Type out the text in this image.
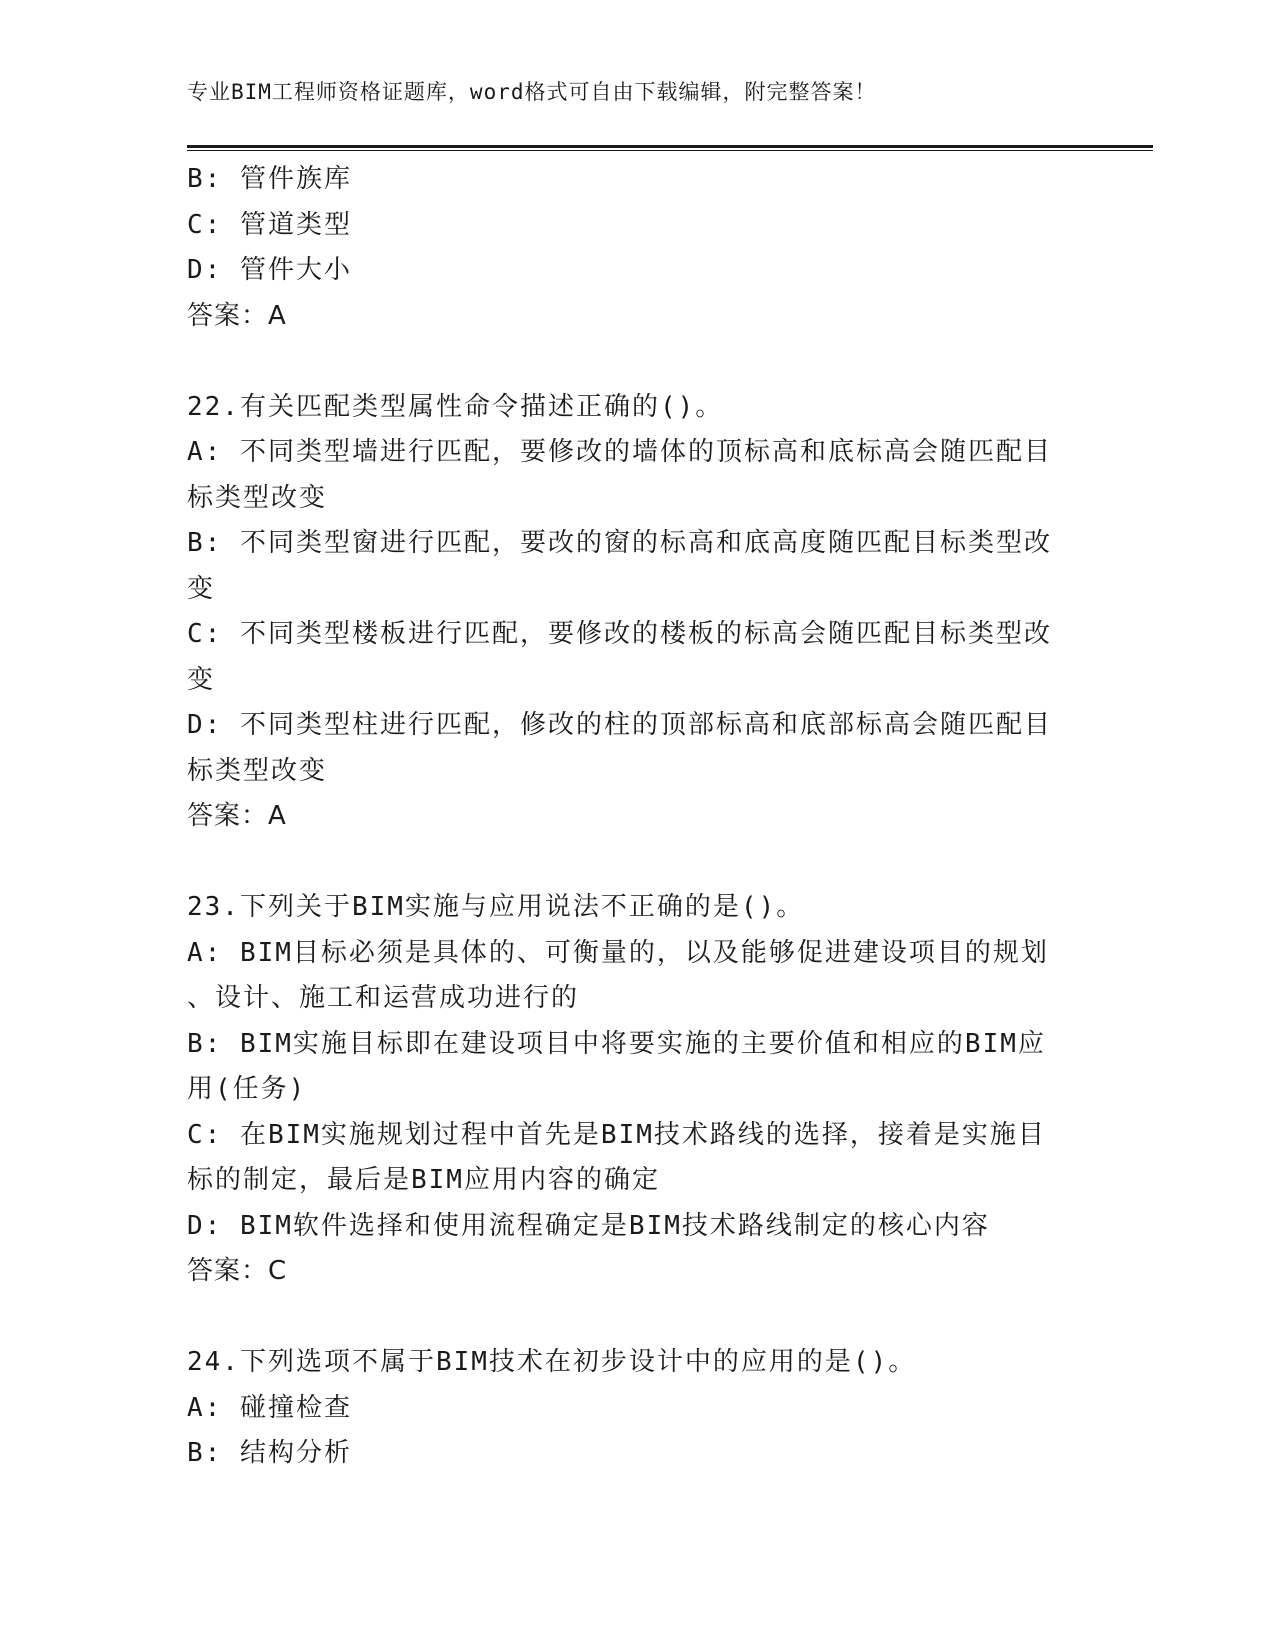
专业BIM工程师资格证题库，word格式可自由下载编辑，附完整答案！
B: 管件族库
C: 管道类型
D: 管件大小
答案：A
22.有关匹配类型属性命令描述正确的()。
A: 不同类型墙进行匹配，要修改的墙体的顶标高和底标高会随匹配目
标类型改变
B: 不同类型窗进行匹配，要改的窗的标高和底高度随匹配目标类型改
变
C: 不同类型楼板进行匹配，要修改的楼板的标高会随匹配目标类型改
变
D: 不同类型柱进行匹配，修改的柱的顶部标高和底部标高会随匹配目
标类型改变
答案：A
23.下列关于BIM实施与应用说法不正确的是()。
A: BIM目标必须是具体的、可衡量的，以及能够促进建设项目的规划
、设计、施工和运营成功进行的
B: BIM实施目标即在建设项目中将要实施的主要价值和相应的BIM应
用(任务)
C: 在BIM实施规划过程中首先是BIM技术路线的选择，接着是实施目
标的制定，最后是BIM应用内容的确定
D: BIM软件选择和使用流程确定是BIM技术路线制定的核心内容
答案：C
24.下列选项不属于BIM技术在初步设计中的应用的是()。
A: 碰撞检查
B: 结构分析
